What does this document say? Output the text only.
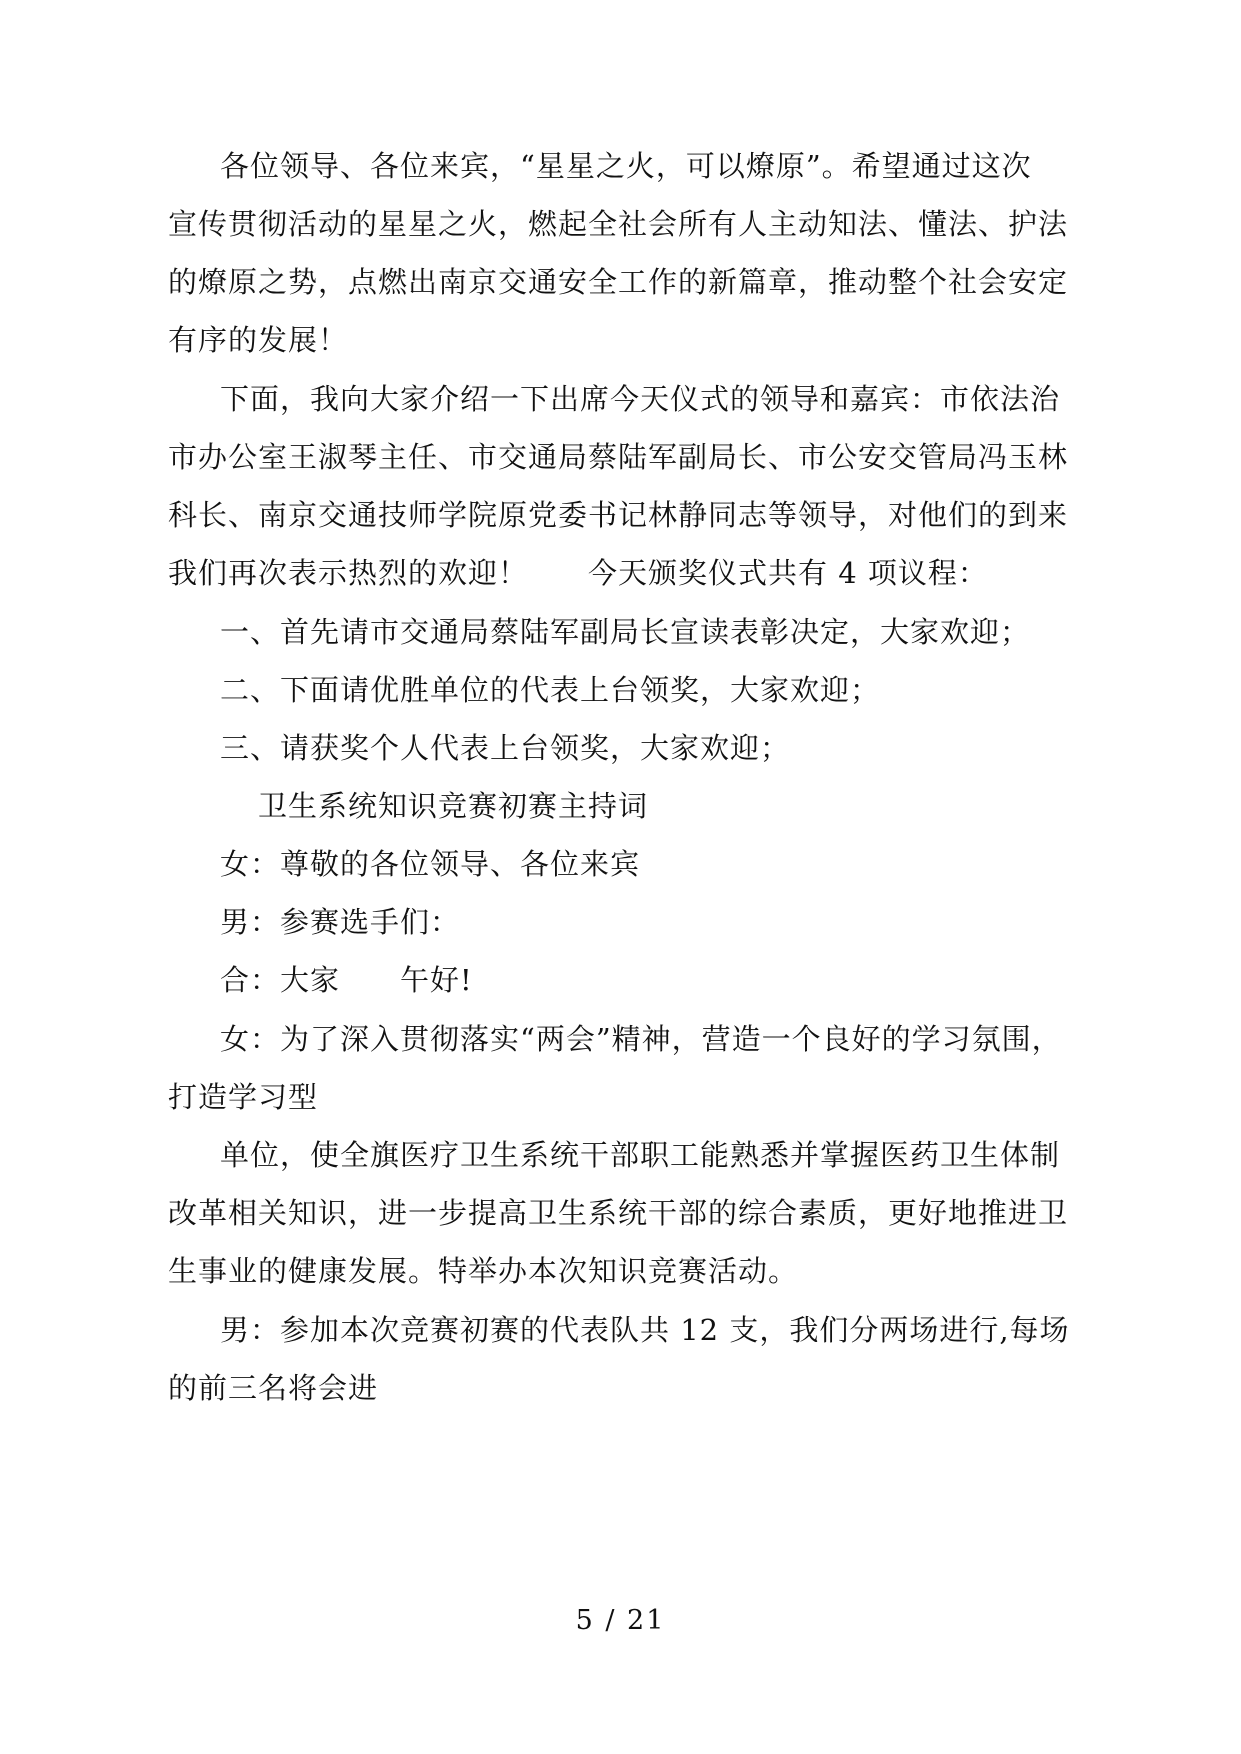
各位领导、各位来宾，“星星之火，可以燎原”。希望通过这次
宣传贯彻活动的星星之火，燃起全社会所有人主动知法、懂法、护法
的燎原之势，点燃出南京交通安全工作的新篇章，推动整个社会安定
有序的发展！
下面，我向大家介绍一下出席今天仪式的领导和嘉宾：市依法治
市办公室王淑琴主任、市交通局蔡陆军副局长、市公安交管局冯玉林
科长、南京交通技师学院原党委书记林静同志等领导，对他们的到来
我们再次表示热烈的欢迎！　　今天颁奖仪式共有 4 项议程：
一、首先请市交通局蔡陆军副局长宣读表彰决定，大家欢迎；
二、下面请优胜单位的代表上台领奖，大家欢迎；
三、请获奖个人代表上台领奖，大家欢迎；
卫生系统知识竞赛初赛主持词
女：尊敬的各位领导、各位来宾
男：参赛选手们：
合：大家　　午好!
女：为了深入贯彻落实“两会”精神，营造一个良好的学习氛围，
打造学习型
单位，使全旗医疗卫生系统干部职工能熟悉并掌握医药卫生体制
改革相关知识，进一步提高卫生系统干部的综合素质，更好地推进卫
生事业的健康发展。特举办本次知识竞赛活动。
男：参加本次竞赛初赛的代表队共 12 支，我们分两场进行,每场
的前三名将会进
5 / 21
